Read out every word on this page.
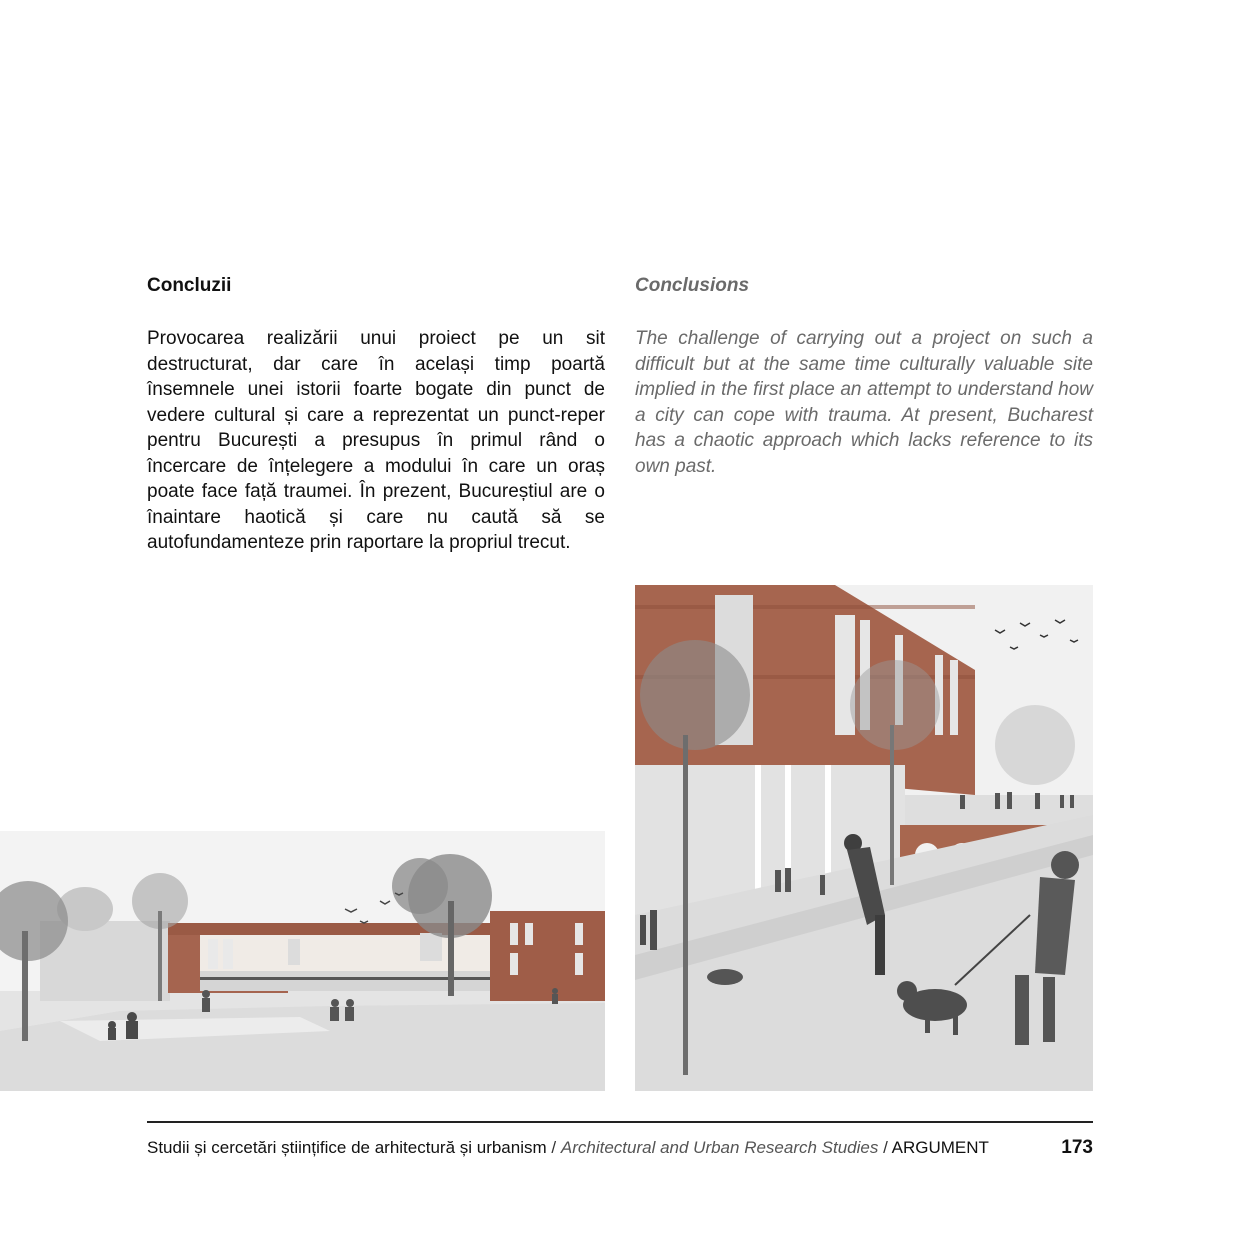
Concluzii

Provocarea realizării unui proiect pe un sit destructurat, dar care în același timp poartă însemnele unei istorii foarte bogate din punct de vedere cultural și care a reprezentat un punct-reper pentru București a presupus în primul rând o încercare de înțelegere a modului în care un oraș poate face față traumei. În prezent, Bucureștiul are o înaintare haotică și care nu caută să se autofundamenteze prin raportare la propriul trecut.

Conclusions

The challenge of carrying out a project on such a difficult but at the same time culturally valuable site implied in the first place an attempt to understand how a city can cope with trauma. At present, Bucharest has a chaotic approach which lacks reference to its own past.

Studii și cercetări științifice de arhitectură și urbanism / Architectural and Urban Research Studies / ARGUMENT	173
